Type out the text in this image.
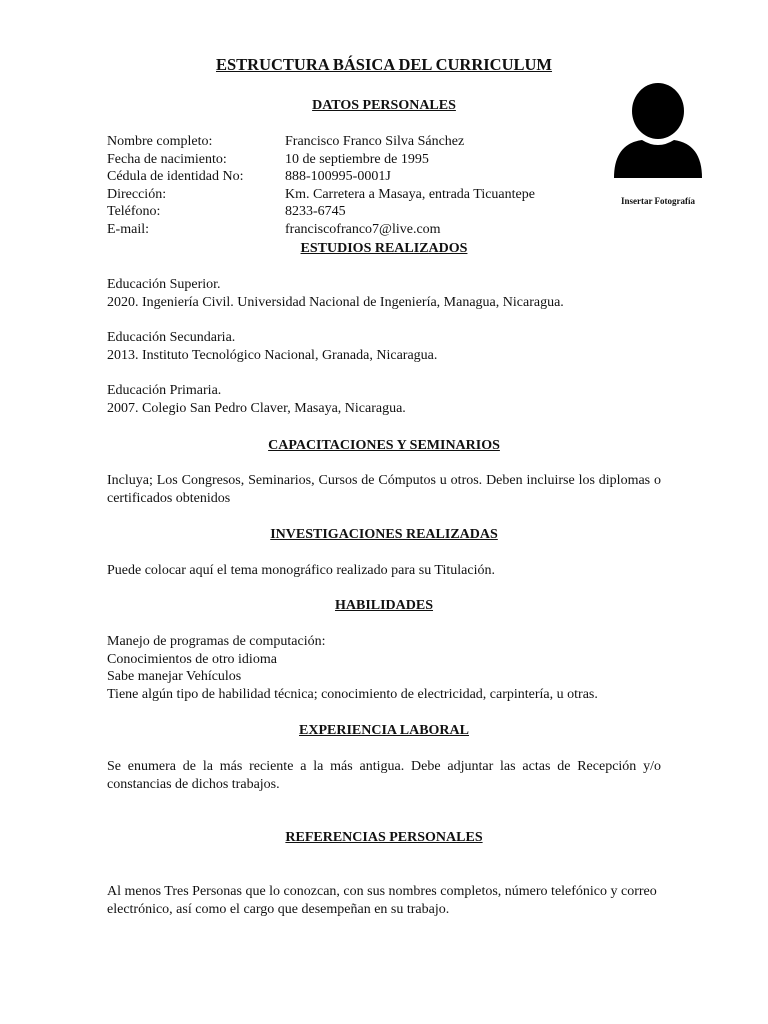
ESTRUCTURA BÁSICA DEL CURRICULUM
Insertar Fotografía
DATOS PERSONALES
Nombre completo:	Francisco Franco Silva Sánchez
Fecha de nacimiento:	10 de septiembre de 1995
Cédula de identidad No:	888-100995-0001J
Dirección:	Km. Carretera a Masaya, entrada Ticuantepe
Teléfono:	8233-6745
E-mail:	franciscofranco7@live.com
ESTUDIOS REALIZADOS
Educación Superior.
2020. Ingeniería Civil. Universidad Nacional de Ingeniería, Managua, Nicaragua.
Educación Secundaria.
2013. Instituto Tecnológico Nacional, Granada, Nicaragua.
Educación Primaria.
2007. Colegio San Pedro Claver, Masaya, Nicaragua.
CAPACITACIONES Y SEMINARIOS
Incluya; Los Congresos, Seminarios, Cursos de Cómputos u otros. Deben incluirse los diplomas o certificados obtenidos
INVESTIGACIONES REALIZADAS
Puede colocar aquí el tema monográfico realizado para su Titulación.
HABILIDADES
Manejo de programas de computación:
Conocimientos de otro idioma
Sabe manejar Vehículos
Tiene algún tipo de habilidad técnica; conocimiento de electricidad, carpintería, u otras.
EXPERIENCIA LABORAL
Se enumera de la más reciente a la más antigua. Debe adjuntar las actas de Recepción y/o constancias de dichos trabajos.
REFERENCIAS PERSONALES
Al menos Tres Personas que lo conozcan, con sus nombres completos, número telefónico y correo electrónico, así como el cargo que desempeñan en su trabajo.
